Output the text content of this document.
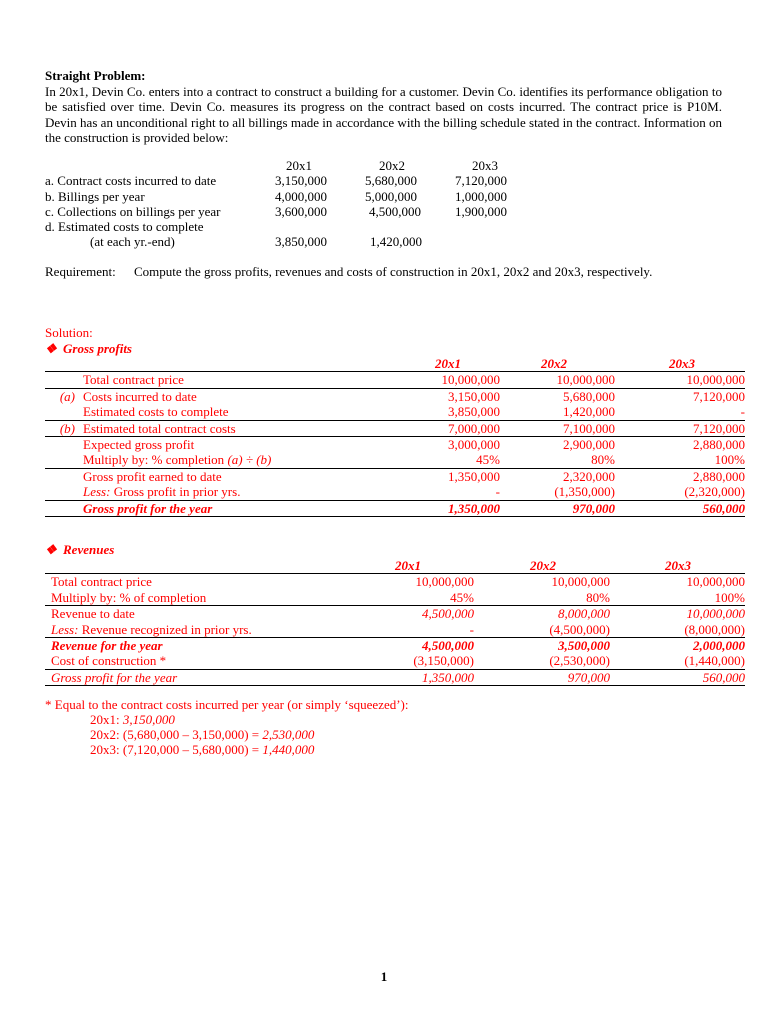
Straight Problem:
In 20x1, Devin Co. enters into a contract to construct a building for a customer. Devin Co. identifies its performance obligation to be satisfied over time. Devin Co. measures its progress on the contract based on costs incurred. The contract price is P10M. Devin has an unconditional right to all billings made in accordance with the billing schedule stated in the contract. Information on the construction is provided below:
20x1	20x2	20x3
a. Contract costs incurred to date	3,150,000	5,680,000	7,120,000
b. Billings per year	4,000,000	5,000,000	1,000,000
c. Collections on billings per year	3,600,000	4,500,000	1,900,000
d. Estimated costs to complete
(at each yr.-end)	3,850,000	1,420,000
Requirement: Compute the gross profits, revenues and costs of construction in 20x1, 20x2 and 20x3, respectively.
Solution:
❖ Gross profits
		20x1	20x2	20x3
	Total contract price	10,000,000	10,000,000	10,000,000
(a)	Costs incurred to date	3,150,000	5,680,000	7,120,000
	Estimated costs to complete	3,850,000	1,420,000	-
(b)	Estimated total contract costs	7,000,000	7,100,000	7,120,000
	Expected gross profit	3,000,000	2,900,000	2,880,000
	Multiply by: % completion (a) ÷ (b)	45%	80%	100%
	Gross profit earned to date	1,350,000	2,320,000	2,880,000
	Less: Gross profit in prior yrs.	-	(1,350,000)	(2,320,000)
	Gross profit for the year	1,350,000	970,000	560,000
❖ Revenues
		20x1	20x2	20x3
	Total contract price	10,000,000	10,000,000	10,000,000
	Multiply by: % of completion	45%	80%	100%
	Revenue to date	4,500,000	8,000,000	10,000,000
	Less: Revenue recognized in prior yrs.	-	(4,500,000)	(8,000,000)
	Revenue for the year	4,500,000	3,500,000	2,000,000
	Cost of construction *	(3,150,000)	(2,530,000)	(1,440,000)
	Gross profit for the year	1,350,000	970,000	560,000
* Equal to the contract costs incurred per year (or simply ‘squeezed’):
20x1: 3,150,000
20x2: (5,680,000 – 3,150,000) = 2,530,000
20x3: (7,120,000 – 5,680,000) = 1,440,000
1
